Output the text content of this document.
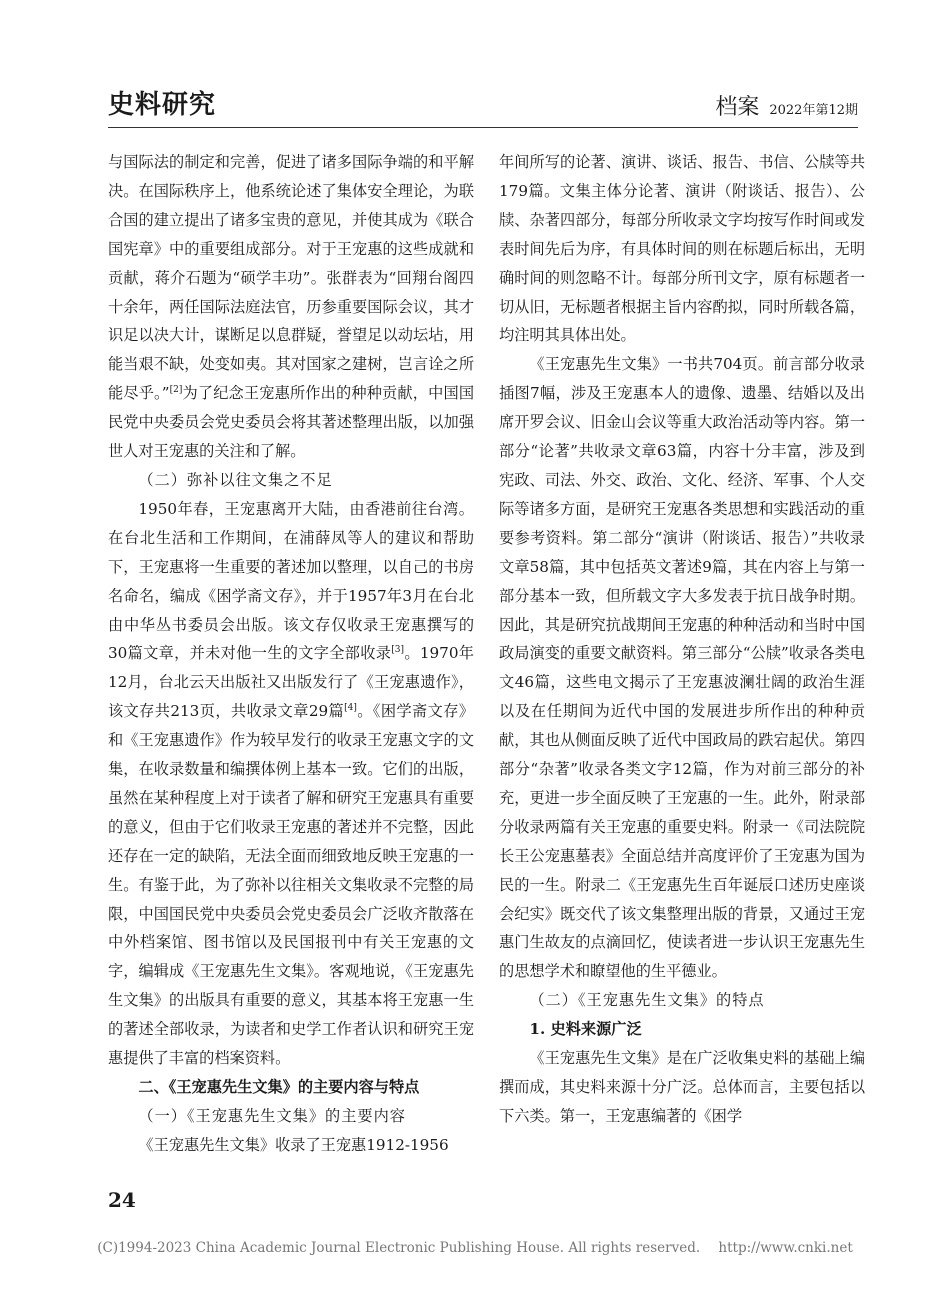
史料研究	档案 2022年第12期

与国际法的制定和完善，促进了诸多国际争端的和平解决。在国际秩序上，他系统论述了集体安全理论，为联合国的建立提出了诸多宝贵的意见，并使其成为《联合国宪章》中的重要组成部分。对于王宠惠的这些成就和贡献，蒋介石题为“硕学丰功”。张群表为“回翔台阁四十余年，两任国际法庭法官，历参重要国际会议，其才识足以决大计，谋断足以息群疑，誉望足以动坛坫，用能当艰不缺，处变如夷。其对国家之建树，岂言诠之所能尽乎。”[2]为了纪念王宠惠所作出的种种贡献，中国国民党中央委员会党史委员会将其著述整理出版，以加强世人对王宠惠的关注和了解。

（二）弥补以往文集之不足

1950年春，王宠惠离开大陆，由香港前往台湾。在台北生活和工作期间，在浦薛凤等人的建议和帮助下，王宠惠将一生重要的著述加以整理，以自己的书房名命名，编成《困学斋文存》，并于1957年3月在台北由中华丛书委员会出版。该文存仅收录王宠惠撰写的30篇文章，并未对他一生的文字全部收录[3]。1970年12月，台北云天出版社又出版发行了《王宠惠遗作》，该文存共213页，共收录文章29篇[4]。《困学斋文存》和《王宠惠遗作》作为较早发行的收录王宠惠文字的文集，在收录数量和编撰体例上基本一致。它们的出版，虽然在某种程度上对于读者了解和研究王宠惠具有重要的意义，但由于它们收录王宠惠的著述并不完整，因此还存在一定的缺陷，无法全面而细致地反映王宠惠的一生。有鉴于此，为了弥补以往相关文集收录不完整的局限，中国国民党中央委员会党史委员会广泛收齐散落在中外档案馆、图书馆以及民国报刊中有关王宠惠的文字，编辑成《王宠惠先生文集》。客观地说，《王宠惠先生文集》的出版具有重要的意义，其基本将王宠惠一生的著述全部收录，为读者和史学工作者认识和研究王宠惠提供了丰富的档案资料。

二、《王宠惠先生文集》的主要内容与特点
（一）《王宠惠先生文集》的主要内容

《王宠惠先生文集》收录了王宠惠1912-1956

年间所写的论著、演讲、谈话、报告、书信、公牍等共179篇。文集主体分论著、演讲（附谈话、报告）、公牍、杂著四部分，每部分所收录文字均按写作时间或发表时间先后为序，有具体时间的则在标题后标出，无明确时间的则忽略不计。每部分所刊文字，原有标题者一切从旧，无标题者根据主旨内容酌拟，同时所载各篇，均注明其具体出处。

《王宠惠先生文集》一书共704页。前言部分收录插图7幅，涉及王宠惠本人的遗像、遗墨、结婚以及出席开罗会议、旧金山会议等重大政治活动等内容。第一部分“论著”共收录文章63篇，内容十分丰富，涉及到宪政、司法、外交、政治、文化、经济、军事、个人交际等诸多方面，是研究王宠惠各类思想和实践活动的重要参考资料。第二部分“演讲（附谈话、报告）”共收录文章58篇，其中包括英文著述9篇，其在内容上与第一部分基本一致，但所载文字大多发表于抗日战争时期。因此，其是研究抗战期间王宠惠的种种活动和当时中国政局演变的重要文献资料。第三部分“公牍”收录各类电文46篇，这些电文揭示了王宠惠波澜壮阔的政治生涯以及在任期间为近代中国的发展进步所作出的种种贡献，其也从侧面反映了近代中国政局的跌宕起伏。第四部分“杂著”收录各类文字12篇，作为对前三部分的补充，更进一步全面反映了王宠惠的一生。此外，附录部分收录两篇有关王宠惠的重要史料。附录一《司法院院长王公宠惠墓表》全面总结并高度评价了王宠惠为国为民的一生。附录二《王宠惠先生百年诞辰口述历史座谈会纪实》既交代了该文集整理出版的背景，又通过王宠惠门生故友的点滴回忆，使读者进一步认识王宠惠先生的思想学术和瞭望他的生平德业。

（二）《王宠惠先生文集》的特点
1. 史料来源广泛

《王宠惠先生文集》是在广泛收集史料的基础上编撰而成，其史料来源十分广泛。总体而言，主要包括以下六类。第一，王宠惠编著的《困学

24
(C)1994-2023 China Academic Journal Electronic Publishing House. All rights reserved. http://www.cnki.net
